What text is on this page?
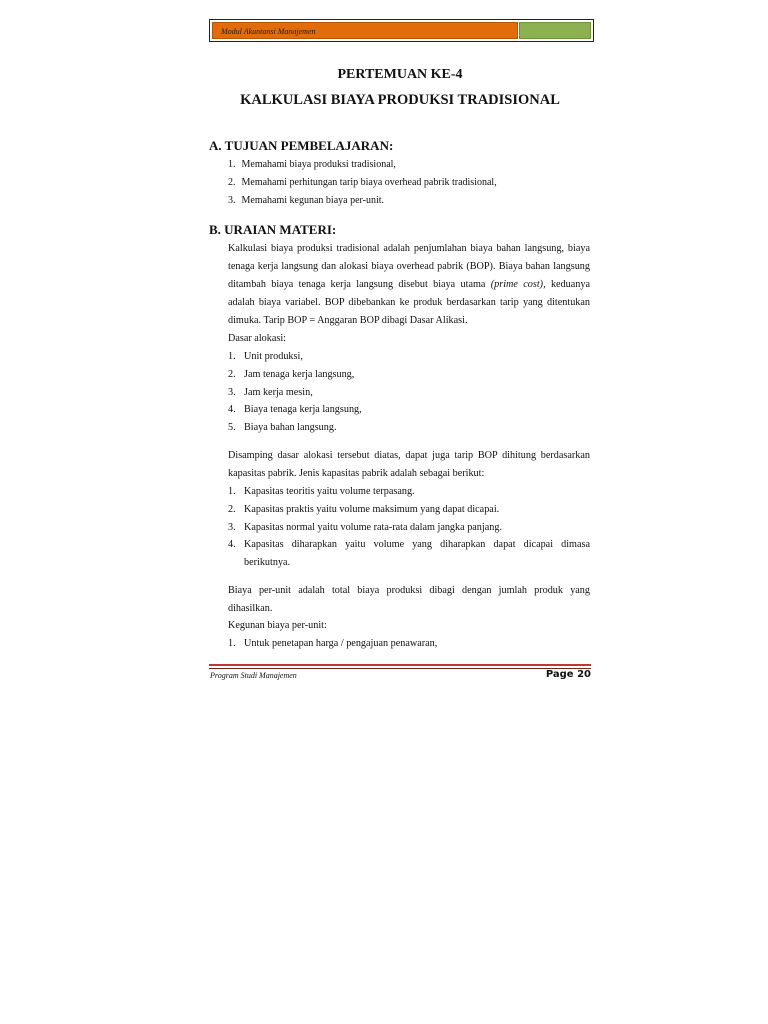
Modul Akuntansi Manajemen
PERTEMUAN KE-4
KALKULASI BIAYA PRODUKSI TRADISIONAL
A. TUJUAN PEMBELAJARAN:
1. Memahami biaya produksi tradisional,
2. Memahami perhitungan tarip biaya overhead pabrik tradisional,
3. Memahami kegunan biaya per-unit.
B. URAIAN MATERI:

Kalkulasi biaya produksi tradisional adalah penjumlahan biaya bahan langsung, biaya tenaga kerja langsung dan alokasi biaya overhead pabrik (BOP). Biaya bahan langsung ditambah biaya tenaga kerja langsung disebut biaya utama (prime cost), keduanya adalah biaya variabel. BOP dibebankan ke produk berdasarkan tarip yang ditentukan dimuka. Tarip BOP = Anggaran BOP dibagi Dasar Alikasi.

Dasar alokasi:
1. Unit produksi,
2. Jam tenaga kerja langsung,
3. Jam kerja mesin,
4. Biaya tenaga kerja langsung,
5. Biaya bahan langsung.

Disamping dasar alokasi tersebut diatas, dapat juga tarip BOP dihitung berdasarkan kapasitas pabrik. Jenis kapasitas pabrik adalah sebagai berikut:

1. Kapasitas teoritis yaitu volume terpasang.
2. Kapasitas praktis yaitu volume maksimum yang dapat dicapai.
3. Kapasitas normal yaitu volume rata-rata dalam jangka panjang.
4. Kapasitas diharapkan yaitu volume yang diharapkan dapat dicapai dimasa berikutnya.

Biaya per-unit adalah total biaya produksi dibagi dengan jumlah produk yang dihasilkan.

Kegunan biaya per-unit:
1. Untuk penetapan harga / pengajuan penawaran,
Program Studi Manajemen	Page 20
